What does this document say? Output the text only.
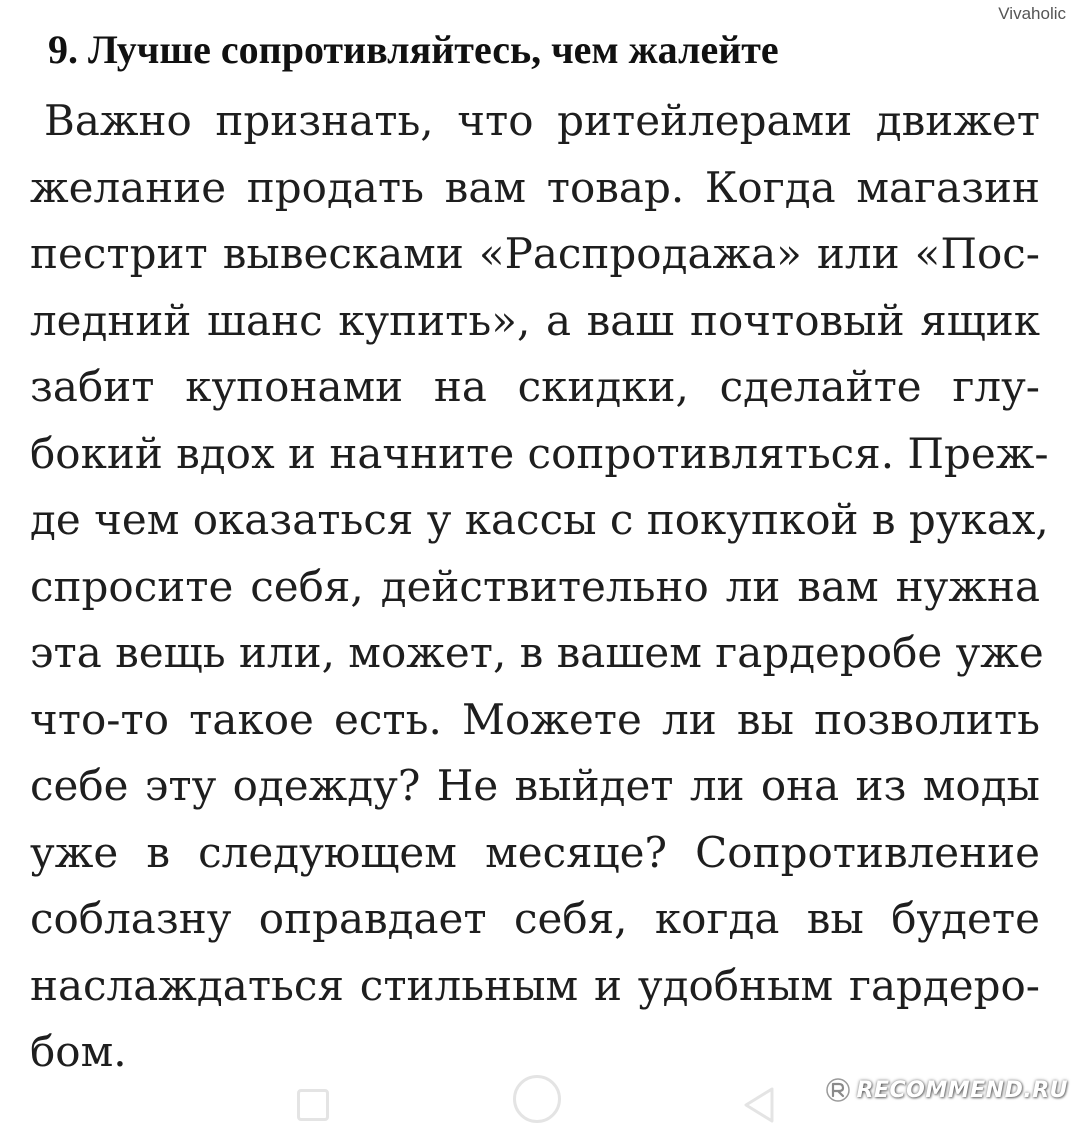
Vivaholic
9. Лучше сопротивляйтесь, чем жалейте
Важно признать, что ритейлерами движет
желание продать вам товар. Когда магазин
пестрит вывесками «Распродажа» или «Пос-
ледний шанс купить», а ваш почтовый ящик
забит купонами на скидки, сделайте глу-
бокий вдох и начните сопротивляться. Преж-
де чем оказаться у кассы с покупкой в руках,
спросите себя, действительно ли вам нужна
эта вещь или, может, в вашем гардеробе уже
что-то такое есть. Можете ли вы позволить
себе эту одежду? Не выйдет ли она из моды
уже в следующем месяце? Сопротивление
соблазну оправдает себя, когда вы будете
наслаждаться стильным и удобным гардеро-
бом.
RECOMMEND.RU
